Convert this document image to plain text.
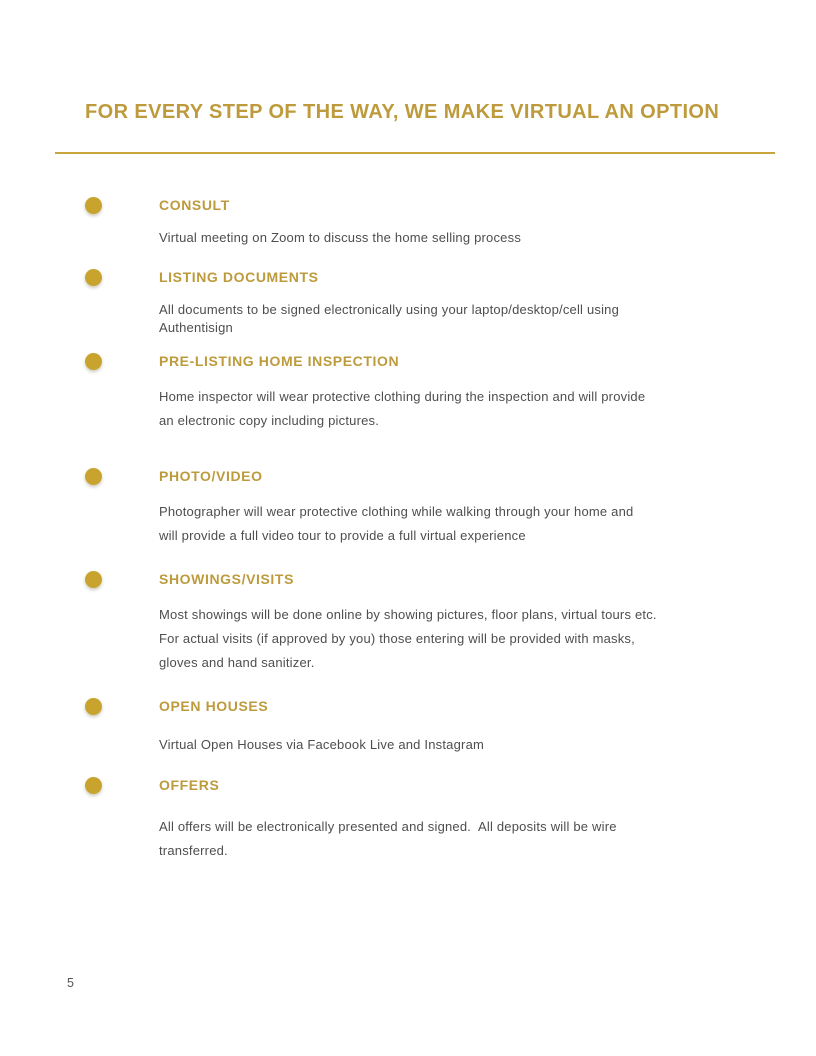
FOR EVERY STEP OF THE WAY, WE MAKE VIRTUAL AN OPTION
CONSULT
Virtual meeting on Zoom to discuss the home selling process
LISTING DOCUMENTS
All documents to be signed electronically using your laptop/desktop/cell using
Authentisign
PRE-LISTING HOME INSPECTION
Home inspector will wear protective clothing during the inspection and will provide
an electronic copy including pictures.
PHOTO/VIDEO
Photographer will wear protective clothing while walking through your home and
will provide a full video tour to provide a full virtual experience
SHOWINGS/VISITS
Most showings will be done online by showing pictures, floor plans, virtual tours etc.
For actual visits (if approved by you) those entering will be provided with masks,
gloves and hand sanitizer.
OPEN HOUSES
Virtual Open Houses via Facebook Live and Instagram
OFFERS
All offers will be electronically presented and signed.  All deposits will be wire
transferred.
5
